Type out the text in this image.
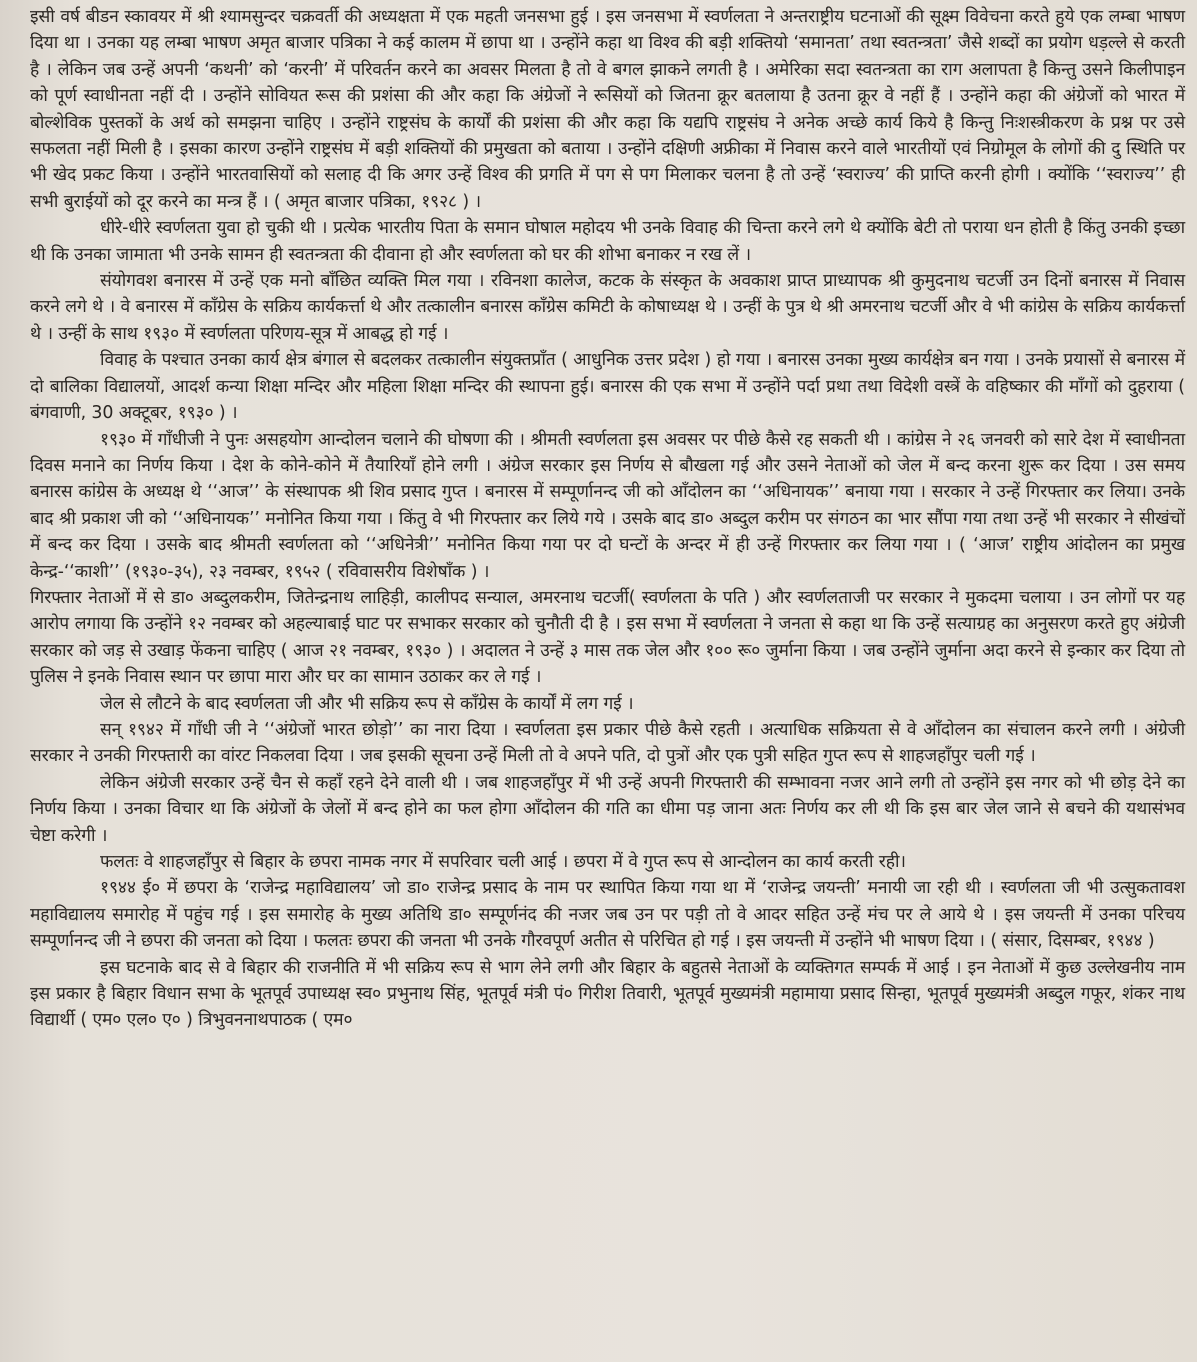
इसी वर्ष बीडन स्कावयर में श्री श्यामसुन्दर चक्रवर्ती की अध्यक्षता में एक महती जनसभा हुई । इस जनसभा में स्वर्णलता ने अन्तराष्ट्रीय घटनाओं की सूक्ष्म विवेचना करते हुये एक लम्बा भाषण दिया था । उनका यह लम्बा भाषण अमृत बाजार पत्रिका ने कई कालम में छापा था । उन्होंने कहा था विश्व की बड़ी शक्तियो ‘समानता’ तथा स्वतन्त्रता’ जैसे शब्दों का प्रयोग धड़ल्ले से करती है । लेकिन जब उन्हें अपनी ‘कथनी’ को ‘करनी’ में परिवर्तन करने का अवसर मिलता है तो वे बगल झाकने लगती है । अमेरिका सदा स्वतन्त्रता का राग अलापता है किन्तु उसने किलीपाइन को पूर्ण स्वाधीनता नहीं दी । उन्होंने सोवियत रूस की प्रशंसा की और कहा कि अंग्रेजों ने रूसियों को जितना क्रूर बतलाया है उतना क्रूर वे नहीं हैं । उन्होंने कहा की अंग्रेजों को भारत में बोल्शेविक पुस्तकों के अर्थ को समझना चाहिए । उन्होंने राष्ट्रसंघ के कार्यों की प्रशंसा की और कहा कि यद्यपि राष्ट्रसंघ ने अनेक अच्छे कार्य किये है किन्तु निःशस्त्रीकरण के प्रश्न पर उसे सफलता नहीं मिली है । इसका कारण उन्होंने राष्ट्रसंघ में बड़ी शक्तियों की प्रमुखता को बताया । उन्होंने दक्षिणी अफ्रीका में निवास करने वाले भारतीयों एवं निग्रोमूल के लोगों की दु स्थिति पर भी खेद प्रकट किया । उन्होंने भारतवासियों को सलाह दी कि अगर उन्हें विश्व की प्रगति में पग से पग मिलाकर चलना है तो उन्हें ‘स्वराज्य’ की प्राप्ति करनी होगी । क्योंकि ‘‘स्वराज्य’’ ही सभी बुराईयों को दूर करने का मन्त्र हैं । ( अमृत बाजार पत्रिका, १९२८ ) ।

धीरे-धीरे स्वर्णलता युवा हो चुकी थी । प्रत्येक भारतीय पिता के समान घोषाल महोदय भी उनके विवाह की चिन्ता करने लगे थे क्योंकि बेटी तो पराया धन होती है किंतु उनकी इच्छा थी कि उनका जामाता भी उनके सामन ही स्वतन्त्रता की दीवाना हो और स्वर्णलता को घर की शोभा बनाकर न रख लें ।

संयोगवश बनारस में उन्हें एक मनो बाँछित व्यक्ति मिल गया । रविनशा कालेज, कटक के संस्कृत के अवकाश प्राप्त प्राध्यापक श्री कुमुदनाथ चटर्जी उन दिनों बनारस में निवास करने लगे थे । वे बनारस में काँग्रेस के सक्रिय कार्यकर्त्ता थे और तत्कालीन बनारस काँग्रेस कमिटी के कोषाध्यक्ष थे । उन्हीं के पुत्र थे श्री अमरनाथ चटर्जी और वे भी कांग्रेस के सक्रिय कार्यकर्त्ता थे । उन्हीं के साथ १९३० में स्वर्णलता परिणय-सूत्र में आबद्ध हो गई ।

विवाह के पश्चात उनका कार्य क्षेत्र बंगाल से बदलकर तत्कालीन संयुक्तप्राँत ( आधुनिक उत्तर प्रदेश ) हो गया । बनारस उनका मुख्य कार्यक्षेत्र बन गया । उनके प्रयासों से बनारस में दो बालिका विद्यालयों, आदर्श कन्या शिक्षा मन्दिर और महिला शिक्षा मन्दिर की स्थापना हुई। बनारस की एक सभा में उन्होंने पर्दा प्रथा तथा विदेशी वस्त्रें के वहिष्कार की माँगों को दुहराया ( बंगवाणी, 30 अक्टूबर, १९३० ) ।

१९३० में गाँधीजी ने पुनः असहयोग आन्दोलन चलाने की घोषणा की । श्रीमती स्वर्णलता इस अवसर पर पीछे कैसे रह सकती थी । कांग्रेस ने २६ जनवरी को सारे देश में स्वाधीनता दिवस मनाने का निर्णय किया । देश के कोने-कोने में तैयारियाँ होने लगी । अंग्रेज सरकार इस निर्णय से बौखला गई और उसने नेताओं को जेल में बन्द करना शुरू कर दिया । उस समय बनारस कांग्रेस के अध्यक्ष थे ‘‘आज’’ के संस्थापक श्री शिव प्रसाद गुप्त । बनारस में सम्पूर्णानन्द जी को आँदोलन का ‘‘अधिनायक’’ बनाया गया । सरकार ने उन्हें गिरफ्तार कर लिया। उनके बाद श्री प्रकाश जी को ‘‘अधिनायक’’ मनोनित किया गया । किंतु वे भी गिरफ्तार कर लिये गये । उसके बाद डा० अब्दुल करीम पर संगठन का भार सौंपा गया तथा उन्हें भी सरकार ने सीखंचों में बन्द कर दिया । उसके बाद श्रीमती स्वर्णलता को ‘‘अधिनेत्री’’ मनोनित किया गया पर दो घन्टों के अन्दर में ही उन्हें गिरफ्तार कर लिया गया । ( ‘आज’ राष्ट्रीय आंदोलन का प्रमुख केन्द्र-‘‘काशी’’ (१९३०-३५), २३ नवम्बर, १९५२ ( रविवासरीय विशेषाँक ) ।

गिरफ्तार नेताओं में से डा० अब्दुलकरीम, जितेन्द्रनाथ लाहिड़ी, कालीपद सन्याल, अमरनाथ चटर्जी( स्वर्णलता के पति ) और स्वर्णलताजी पर सरकार ने मुकदमा चलाया । उन लोगों पर यह आरोप लगाया कि उन्होंने १२ नवम्बर को अहल्याबाई घाट पर सभाकर सरकार को चुनौती दी है । इस सभा में स्वर्णलता ने जनता से कहा था कि उन्हें सत्याग्रह का अनुसरण करते हुए अंग्रेजी सरकार को जड़ से उखाड़ फेंकना चाहिए ( आज २१ नवम्बर, १९३० ) । अदालत ने उन्हें ३ मास तक जेल और १०० रू० जुर्माना किया । जब उन्होंने जुर्माना अदा करने से इन्कार कर दिया तो पुलिस ने इनके निवास स्थान पर छापा मारा और घर का सामान उठाकर कर ले गई ।

जेल से लौटने के बाद स्वर्णलता जी और भी सक्रिय रूप से काँग्रेस के कार्यों में लग गई ।

सन् १९४२ में गाँधी जी ने ‘‘अंग्रेजों भारत छोड़ो’’ का नारा दिया । स्वर्णलता इस प्रकार पीछे कैसे रहती । अत्याधिक सक्रियता से वे आँदोलन का संचालन करने लगी । अंग्रेजी सरकार ने उनकी गिरफ्तारी का वांरट निकलवा दिया । जब इसकी सूचना उन्हें मिली तो वे अपने पति, दो पुत्रों और एक पुत्री सहित गुप्त रूप से शाहजहाँपुर चली गई ।

लेकिन अंग्रेजी सरकार उन्हें चैन से कहाँ रहने देने वाली थी । जब शाहजहाँपुर में भी उन्हें अपनी गिरफ्तारी की सम्भावना नजर आने लगी तो उन्होंने इस नगर को भी छोड़ देने का निर्णय किया । उनका विचार था कि अंग्रेजों के जेलों में बन्द होने का फल होगा आँदोलन की गति का धीमा पड़ जाना अतः निर्णय कर ली थी कि इस बार जेल जाने से बचने की यथासंभव चेष्टा करेगी ।

फलतः वे शाहजहाँपुर से बिहार के छपरा नामक नगर में सपरिवार चली आई । छपरा में वे गुप्त रूप से आन्दोलन का कार्य करती रही।

१९४४ ई० में छपरा के ‘राजेन्द्र महाविद्यालय’ जो डा० राजेन्द्र प्रसाद के नाम पर स्थापित किया गया था में ‘राजेन्द्र जयन्ती’ मनायी जा रही थी । स्वर्णलता जी भी उत्सुकतावश महाविद्यालय समारोह में पहुंच गई । इस समारोह के मुख्य अतिथि डा० सम्पूर्णनंद की नजर जब उन पर पड़ी तो वे आदर सहित उन्हें मंच पर ले आये थे । इस जयन्ती में उनका परिचय सम्पूर्णानन्द जी ने छपरा की जनता को दिया । फलतः छपरा की जनता भी उनके गौरवपूर्ण अतीत से परिचित हो गई । इस जयन्ती में उन्होंने भी भाषण दिया । ( संसार, दिसम्बर, १९४४ )

इस घटनाके बाद से वे बिहार की राजनीति में भी सक्रिय रूप से भाग लेने लगी और बिहार के बहुतसे नेताओं के व्यक्तिगत सम्पर्क में आई । इन नेताओं में कुछ उल्लेखनीय नाम इस प्रकार है बिहार विधान सभा के भूतपूर्व उपाध्यक्ष स्व० प्रभुनाथ सिंह, भूतपूर्व मंत्री पं० गिरीश तिवारी, भूतपूर्व मुख्यमंत्री महामाया प्रसाद सिन्हा, भूतपूर्व मुख्यमंत्री अब्दुल गफूर, शंकर नाथ विद्यार्थी ( एम० एल० ए० ) त्रिभुवननाथपाठक ( एम०
